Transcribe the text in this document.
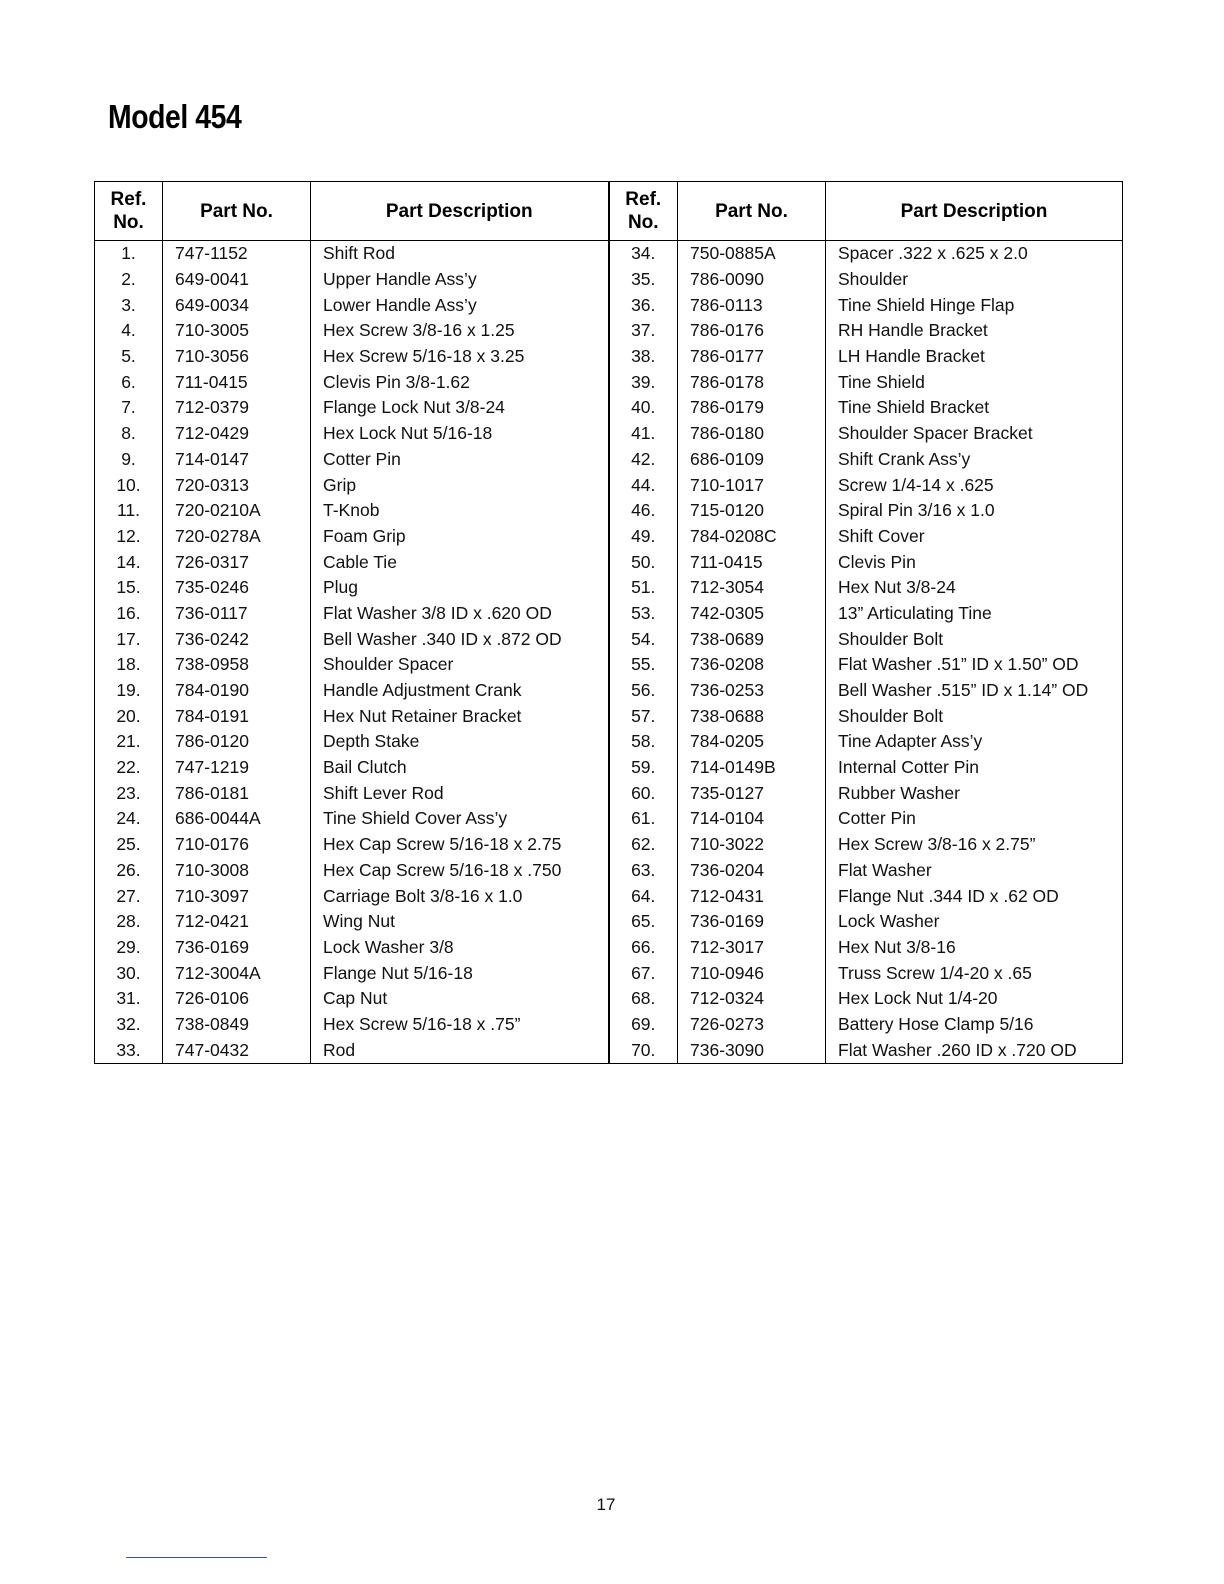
Model 454
Ref.
No.	Part No.	Part Description	Ref.
No.	Part No.	Part Description
1.	747-1152	Shift Rod	34.	750-0885A	Spacer .322 x .625 x 2.0
2.	649-0041	Upper Handle Ass’y	35.	786-0090	Shoulder
3.	649-0034	Lower Handle Ass’y	36.	786-0113	Tine Shield Hinge Flap
4.	710-3005	Hex Screw 3/8-16 x 1.25	37.	786-0176	RH Handle Bracket
5.	710-3056	Hex Screw 5/16-18 x 3.25	38.	786-0177	LH Handle Bracket
6.	711-0415	Clevis Pin 3/8-1.62	39.	786-0178	Tine Shield
7.	712-0379	Flange Lock Nut 3/8-24	40.	786-0179	Tine Shield Bracket
8.	712-0429	Hex Lock Nut 5/16-18	41.	786-0180	Shoulder Spacer Bracket
9.	714-0147	Cotter Pin	42.	686-0109	Shift Crank Ass’y
10.	720-0313	Grip	44.	710-1017	Screw 1/4-14 x .625
11.	720-0210A	T-Knob	46.	715-0120	Spiral Pin 3/16 x 1.0
12.	720-0278A	Foam Grip	49.	784-0208C	Shift Cover
14.	726-0317	Cable Tie	50.	711-0415	Clevis Pin
15.	735-0246	Plug	51.	712-3054	Hex Nut 3/8-24
16.	736-0117	Flat Washer 3/8 ID x .620 OD	53.	742-0305	13” Articulating Tine
17.	736-0242	Bell Washer .340 ID x .872 OD	54.	738-0689	Shoulder Bolt
18.	738-0958	Shoulder Spacer	55.	736-0208	Flat Washer .51” ID x 1.50” OD
19.	784-0190	Handle Adjustment Crank	56.	736-0253	Bell Washer .515” ID x 1.14” OD
20.	784-0191	Hex Nut Retainer Bracket	57.	738-0688	Shoulder Bolt
21.	786-0120	Depth Stake	58.	784-0205	Tine Adapter Ass’y
22.	747-1219	Bail Clutch	59.	714-0149B	Internal Cotter Pin
23.	786-0181	Shift Lever Rod	60.	735-0127	Rubber Washer
24.	686-0044A	Tine Shield Cover Ass’y	61.	714-0104	Cotter Pin
25.	710-0176	Hex Cap Screw 5/16-18 x 2.75	62.	710-3022	Hex Screw 3/8-16 x 2.75”
26.	710-3008	Hex Cap Screw 5/16-18 x .750	63.	736-0204	Flat Washer
27.	710-3097	Carriage Bolt 3/8-16 x 1.0	64.	712-0431	Flange Nut .344 ID x .62 OD
28.	712-0421	Wing Nut	65.	736-0169	Lock Washer
29.	736-0169	Lock Washer 3/8	66.	712-3017	Hex Nut 3/8-16
30.	712-3004A	Flange Nut 5/16-18	67.	710-0946	Truss Screw 1/4-20 x .65
31.	726-0106	Cap Nut	68.	712-0324	Hex Lock Nut 1/4-20
32.	738-0849	Hex Screw 5/16-18 x .75”	69.	726-0273	Battery Hose Clamp 5/16
33.	747-0432	Rod	70.	736-3090	Flat Washer .260 ID x .720 OD
17
